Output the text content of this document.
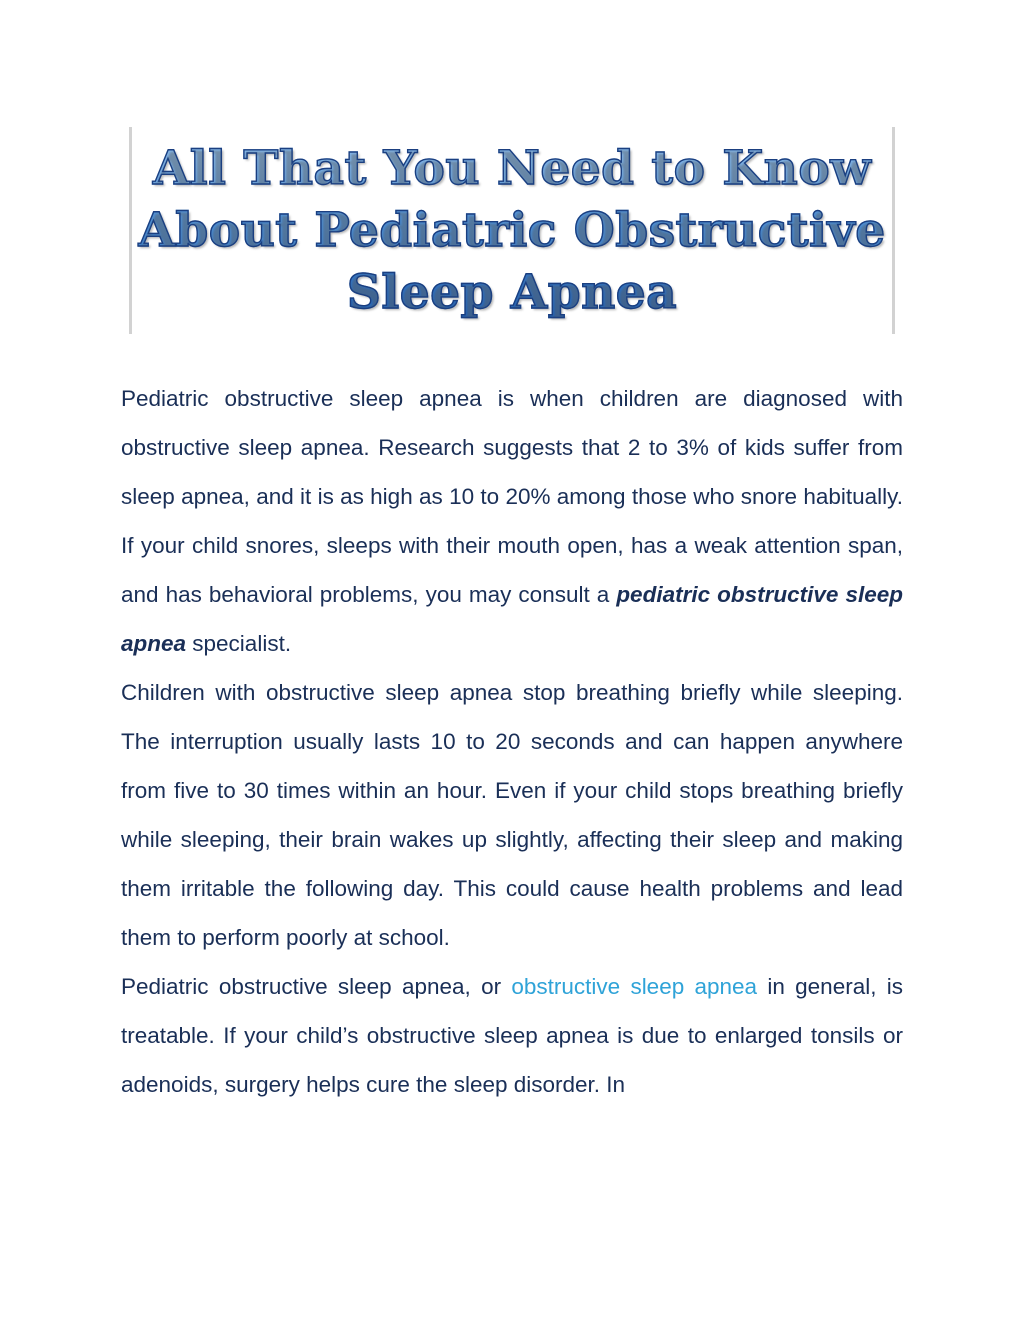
All That You Need to Know
About Pediatric Obstructive
Sleep Apnea

Pediatric obstructive sleep apnea is when children are diagnosed with obstructive sleep apnea. Research suggests that 2 to 3% of kids suffer from sleep apnea, and it is as high as 10 to 20% among those who snore habitually. If your child snores, sleeps with their mouth open, has a weak attention span, and has behavioral problems, you may consult a pediatric obstructive sleep apnea specialist.

Children with obstructive sleep apnea stop breathing briefly while sleeping. The interruption usually lasts 10 to 20 seconds and can happen anywhere from five to 30 times within an hour. Even if your child stops breathing briefly while sleeping, their brain wakes up slightly, affecting their sleep and making them irritable the following day. This could cause health problems and lead them to perform poorly at school.

Pediatric obstructive sleep apnea, or obstructive sleep apnea in general, is treatable. If your child’s obstructive sleep apnea is due to enlarged tonsils or adenoids, surgery helps cure the sleep disorder. In
